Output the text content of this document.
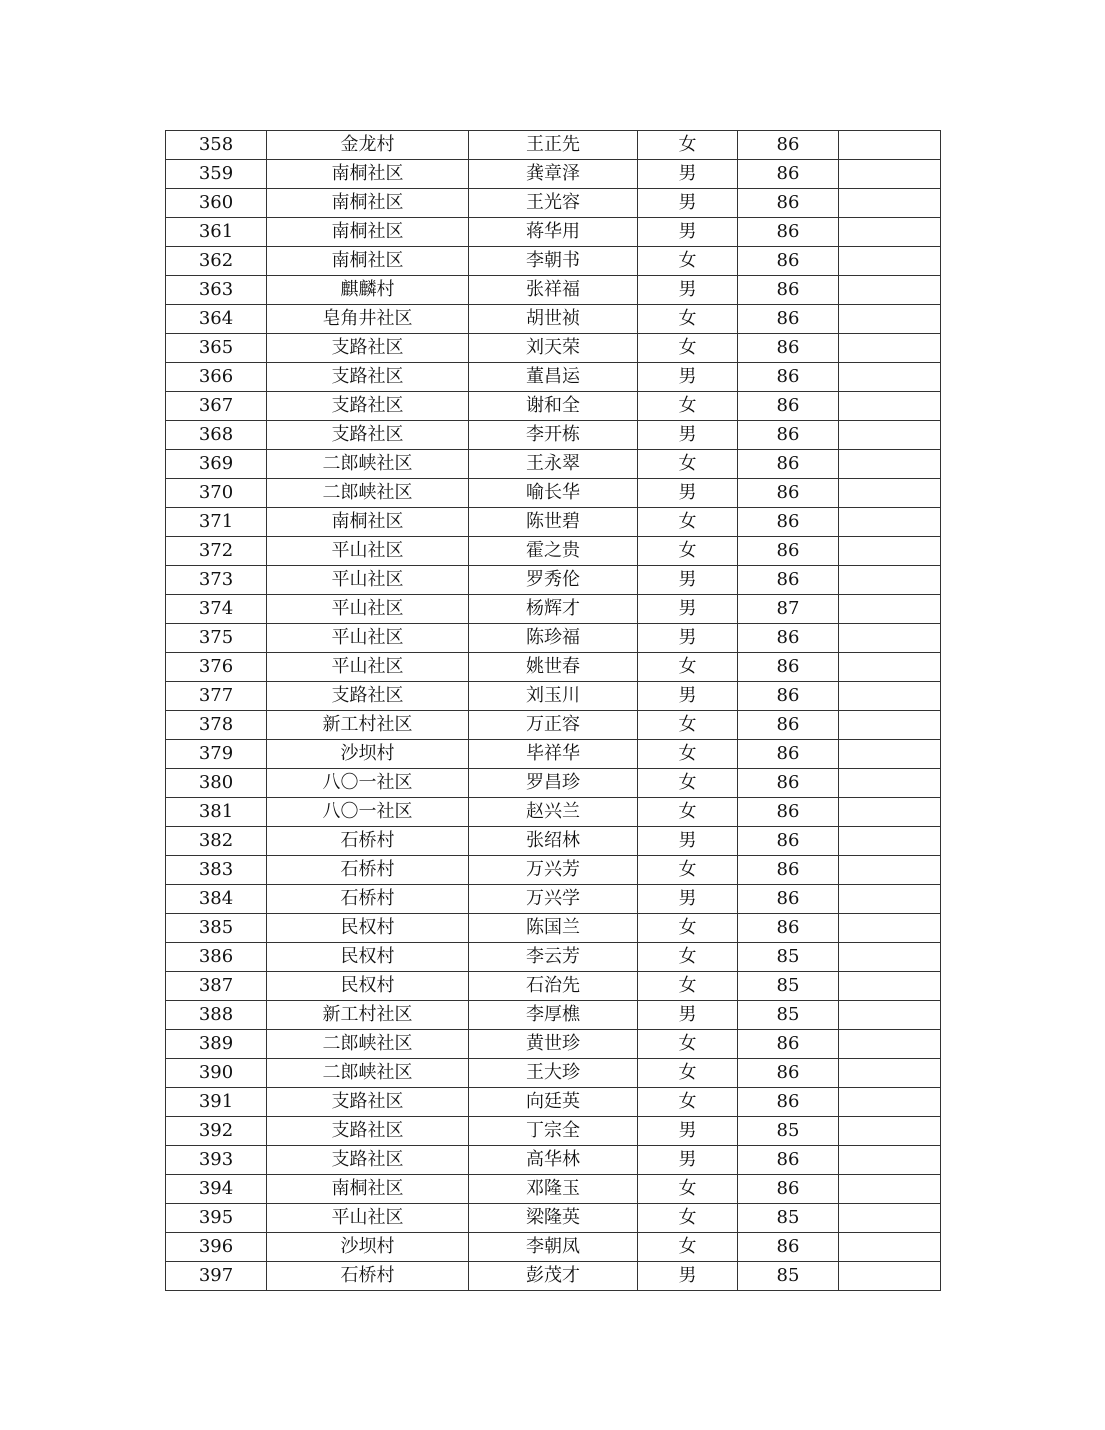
358	金龙村	王正先	女	86	
359	南桐社区	龚章泽	男	86	
360	南桐社区	王光容	男	86	
361	南桐社区	蒋华用	男	86	
362	南桐社区	李朝书	女	86	
363	麒麟村	张祥福	男	86	
364	皂角井社区	胡世祯	女	86	
365	支路社区	刘天荣	女	86	
366	支路社区	董昌运	男	86	
367	支路社区	谢和全	女	86	
368	支路社区	李开栋	男	86	
369	二郎峡社区	王永翠	女	86	
370	二郎峡社区	喻长华	男	86	
371	南桐社区	陈世碧	女	86	
372	平山社区	霍之贵	女	86	
373	平山社区	罗秀伦	男	86	
374	平山社区	杨辉才	男	87	
375	平山社区	陈珍福	男	86	
376	平山社区	姚世春	女	86	
377	支路社区	刘玉川	男	86	
378	新工村社区	万正容	女	86	
379	沙坝村	毕祥华	女	86	
380	八〇一社区	罗昌珍	女	86	
381	八〇一社区	赵兴兰	女	86	
382	石桥村	张绍林	男	86	
383	石桥村	万兴芳	女	86	
384	石桥村	万兴学	男	86	
385	民权村	陈国兰	女	86	
386	民权村	李云芳	女	85	
387	民权村	石治先	女	85	
388	新工村社区	李厚樵	男	85	
389	二郎峡社区	黄世珍	女	86	
390	二郎峡社区	王大珍	女	86	
391	支路社区	向廷英	女	86	
392	支路社区	丁宗全	男	85	
393	支路社区	高华林	男	86	
394	南桐社区	邓隆玉	女	86	
395	平山社区	梁隆英	女	85	
396	沙坝村	李朝凤	女	86	
397	石桥村	彭茂才	男	85	
